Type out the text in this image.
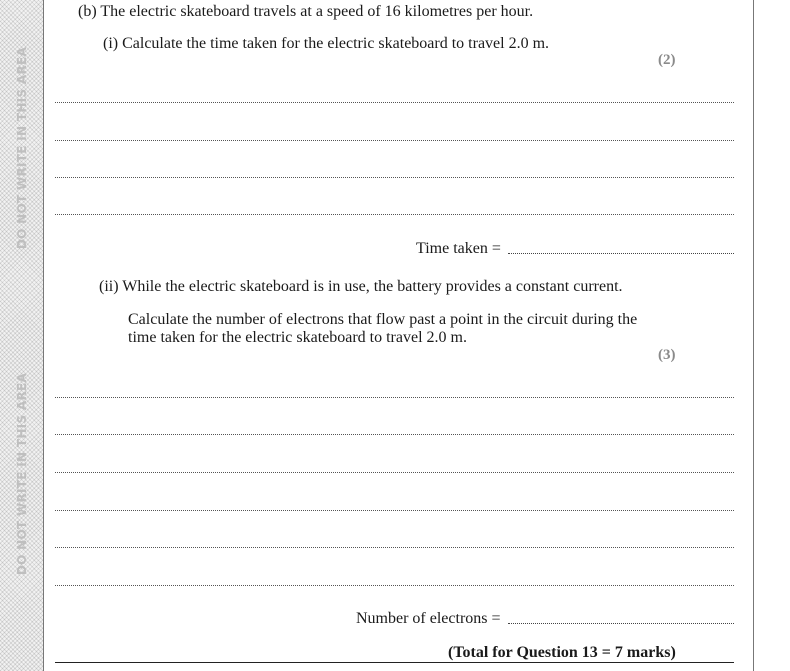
DO NOT WRITE IN THIS AREA
DO NOT WRITE IN THIS AREA
(b) The electric skateboard travels at a speed of 16 kilometres per hour.
(i) Calculate the time taken for the electric skateboard to travel 2.0 m.
(2)
Time taken =
(ii) While the electric skateboard is in use, the battery provides a constant current.
Calculate the number of electrons that flow past a point in the circuit during the
time taken for the electric skateboard to travel 2.0 m.
(3)
Number of electrons =
(Total for Question 13 = 7 marks)
